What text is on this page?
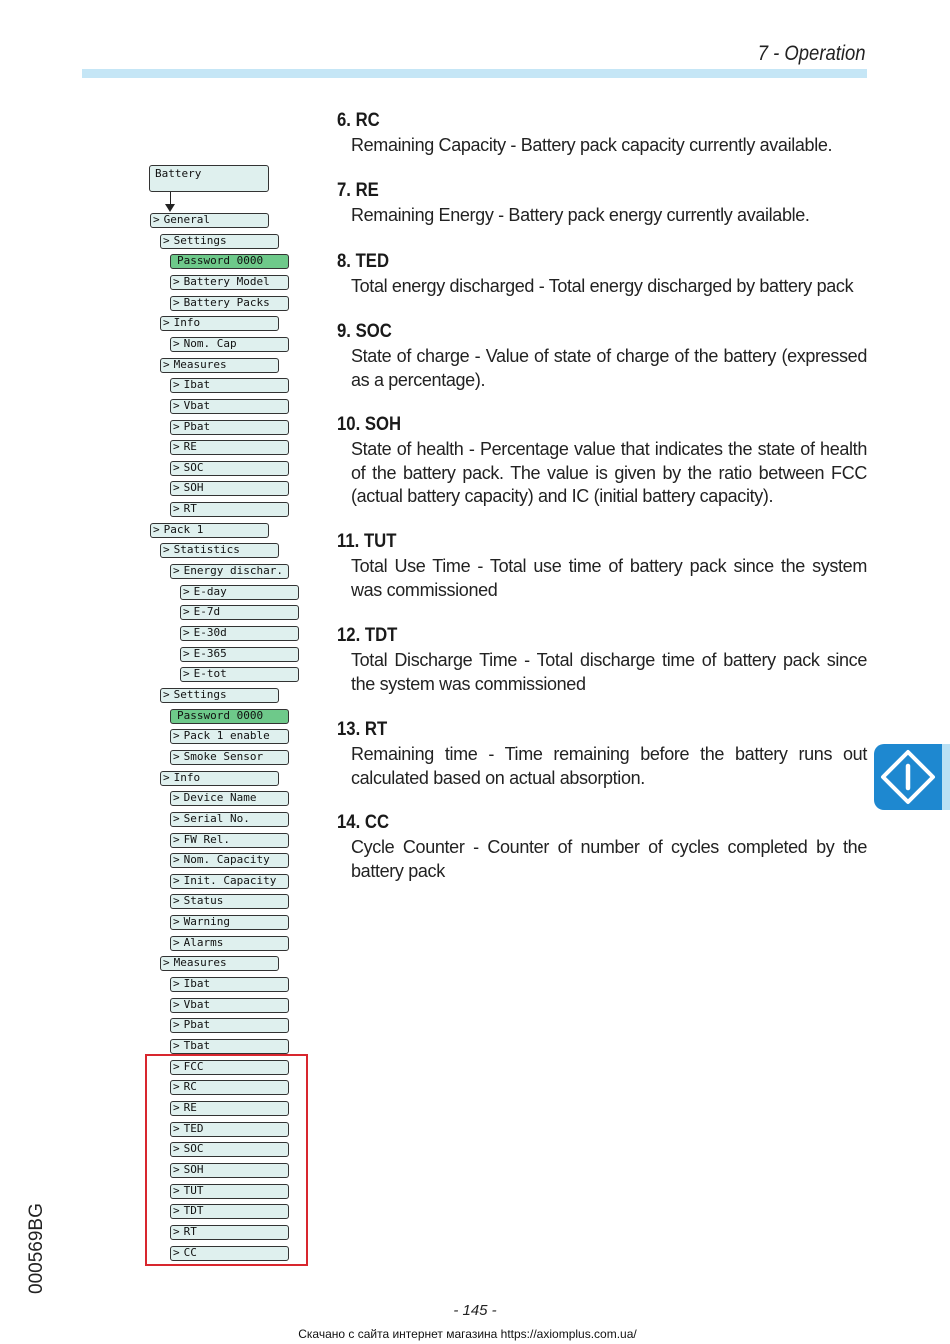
7 - Operation
Battery
> General
> Settings
Password 0000
> Battery Model
> Battery Packs
> Info
> Nom. Cap
> Measures
> Ibat
> Vbat
> Pbat
> RE
> SOC
> SOH
> RT
> Pack 1
> Statistics
> Energy dischar.
> E-day
> E-7d
> E-30d
> E-365
> E-tot
> Settings
Password 0000
> Pack 1 enable
> Smoke Sensor
> Info
> Device Name
> Serial No.
> FW Rel.
> Nom. Capacity
> Init. Capacity
> Status
> Warning
> Alarms
> Measures
> Ibat
> Vbat
> Pbat
> Tbat
> FCC
> RC
> RE
> TED
> SOC
> SOH
> TUT
> TDT
> RT
> CC
6. RC
Remaining Capacity - Battery pack capacity currently available.
7. RE
Remaining Energy - Battery pack energy currently available.
8. TED
Total energy discharged - Total energy discharged by battery pack
9. SOC
State of charge - Value of state of charge of the battery (expressed as a percentage).
10. SOH
State of health - Percentage value that indicates the state of health of the battery pack. The value is given by the ratio between FCC (actual battery capacity) and IC (initial battery capacity).
11. TUT
Total Use Time - Total use time of battery pack since the system was commissioned
12. TDT
Total Discharge Time - Total discharge time of battery pack since the system was commissioned
13. RT
Remaining time - Time remaining before the battery runs out calculated based on actual absorption.
14. CC
Cycle Counter - Counter of number of cycles completed by the battery pack
000569BG
- 145 -
Скачано с сайта интернет магазина https://axiomplus.com.ua/
